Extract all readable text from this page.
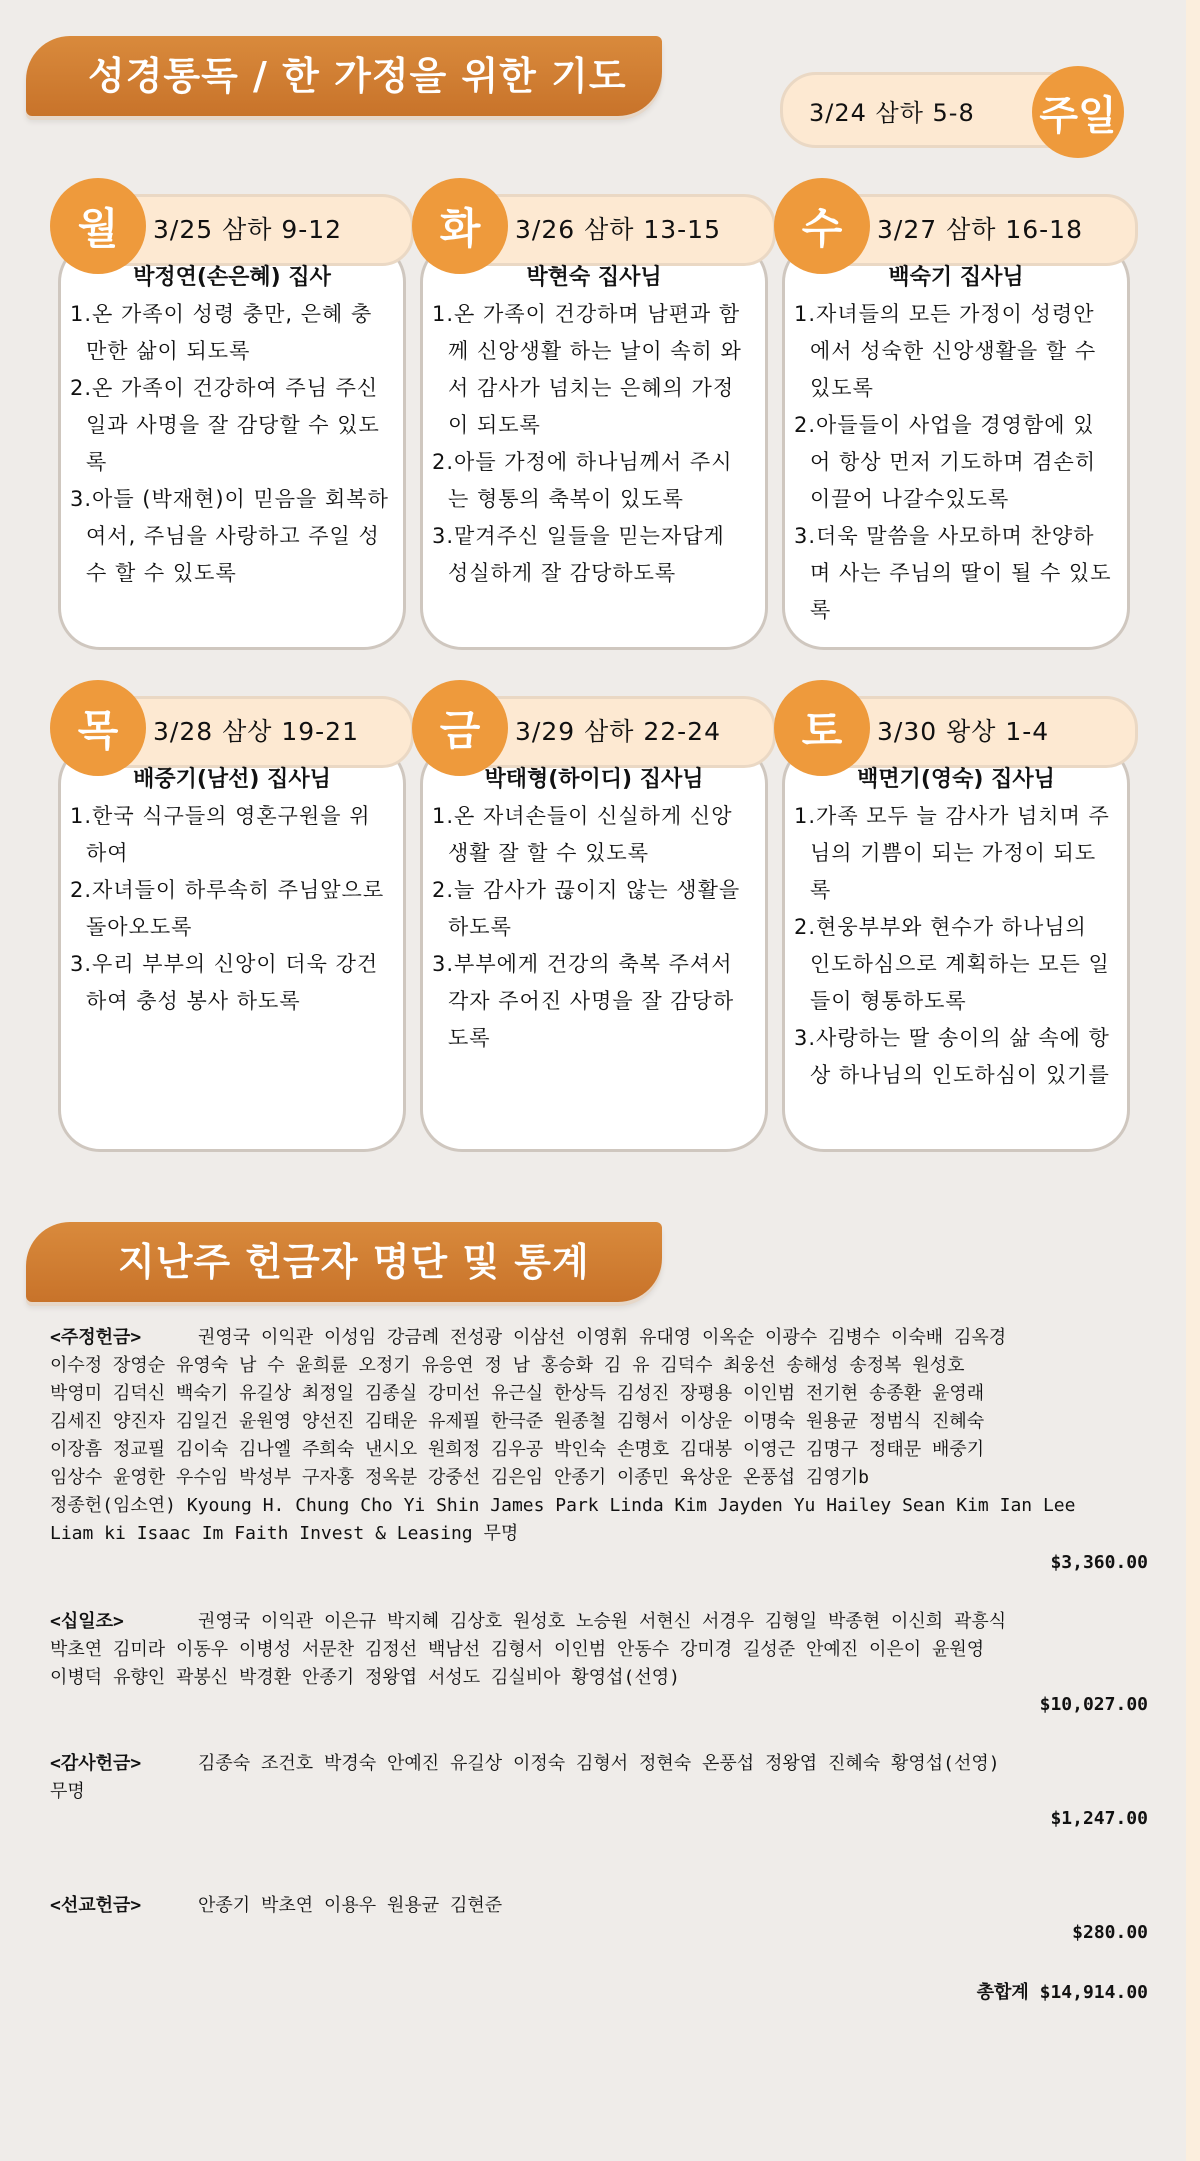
성경통독 / 한 가정을 위한 기도
3/24 삼하 5-8 주일
3/25 삼하 9-12
월
박정연(손은혜) 집사
1.온 가족이 성령 충만, 은혜 충만한 삶이 되도록
2.온 가족이 건강하여 주님 주신 일과 사명을 잘 감당할 수 있도록
3.아들 (박재현)이 믿음을 회복하여서, 주님을 사랑하고 주일 성수 할 수 있도록
3/26 삼하 13-15
화
박현숙 집사님
1.온 가족이 건강하며 남편과 함께 신앙생활 하는 날이 속히 와서 감사가 넘치는 은혜의 가정이 되도록
2.아들 가정에 하나님께서 주시는 형통의 축복이 있도록
3.맡겨주신 일들을 믿는자답게 성실하게 잘 감당하도록
3/27 삼하 16-18
수
백숙기 집사님
1.자녀들의 모든 가정이 성령안에서 성숙한 신앙생활을 할 수 있도록
2.아들들이 사업을 경영함에 있어 항상 먼저 기도하며 겸손히 이끌어 나갈수있도록
3.더욱 말씀을 사모하며 찬양하며 사는 주님의 딸이 될 수 있도록
3/28 삼상 19-21
목
배중기(남선) 집사님
1.한국 식구들의 영혼구원을 위하여
2.자녀들이 하루속히 주님앞으로 돌아오도록
3.우리 부부의 신앙이 더욱 강건하여 충성 봉사 하도록
3/29 삼하 22-24
금
박태형(하이디) 집사님
1.온 자녀손들이 신실하게 신앙생활 잘 할 수 있도록
2.늘 감사가 끊이지 않는 생활을 하도록
3.부부에게 건강의 축복 주셔서 각자 주어진 사명을 잘 감당하도록
3/30 왕상 1-4
토
백면기(영숙) 집사님
1.가족 모두 늘 감사가 넘치며 주님의 기쁨이 되는 가정이 되도록
2.현웅부부와 현수가 하나님의 인도하심으로 계획하는 모든 일들이 형통하도록
3.사랑하는 딸 송이의 삶 속에 항상 하나님의 인도하심이 있기를
지난주 헌금자 명단 및 통계
<주정헌금>	권영국 이익관 이성임 강금례 전성광 이삼선 이영휘 유대영 이옥순 이광수 김병수 이숙배 김옥경
이수정 장영순 유영숙 남 수 윤희륜 오정기 유응연 정 남 홍승화 김 유 김덕수 최웅선 송해성 송정복 원성호
박영미 김덕신 백숙기 유길상 최정일 김종실 강미선 유근실 한상득 김성진 장평용 이인범 전기현 송종환 윤영래
김세진 양진자 김일건 윤원영 양선진 김태운 유제필 한극준 원종철 김형서 이상운 이명숙 원용균 정범식 진혜숙
이장흠 정교필 김이숙 김나엘 주희숙 낸시오 원희정 김우공 박인숙 손명호 김대봉 이영근 김명구 정태문 배중기
임상수 윤영한 우수임 박성부 구자홍 정옥분 강중선 김은임 안종기 이종민 육상운 온풍섭 김영기b
정종헌(임소연) Kyoung H. Chung Cho Yi Shin James Park Linda Kim Jayden Yu Hailey Sean Kim Ian Lee
Liam ki Isaac Im Faith Invest & Leasing 무명
$3,360.00
<십일조>	권영국 이익관 이은규 박지혜 김상호 원성호 노승원 서현신 서경우 김형일 박종현 이신희 곽흥식
박초연 김미라 이동우 이병성 서문찬 김정선 백남선 김형서 이인범 안동수 강미경 길성준 안예진 이은이 윤원영
이병덕 유향인 곽봉신 박경환 안종기 정왕엽 서성도 김실비아 황영섭(선영)
$10,027.00
<감사헌금>	김종숙 조건호 박경숙 안예진 유길상 이정숙 김형서 정현숙 온풍섭 정왕엽 진혜숙 황영섭(선영)
무명
$1,247.00
<선교헌금>	안종기 박초연 이용우 원용균 김현준
$280.00
총합계 $14,914.00
